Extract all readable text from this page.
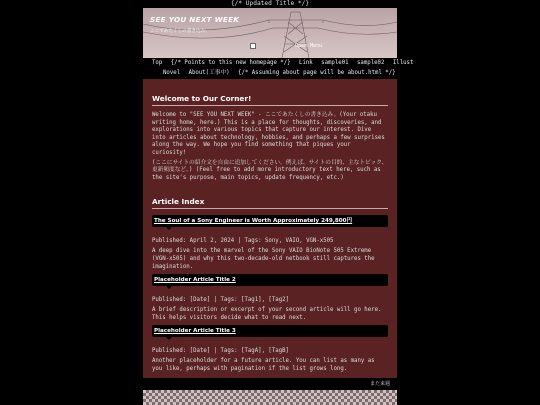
{/* Updated Title */}
SEE YOU NEXT WEEK
ここであたくしの書き込み。
Open Menu
Top {/* Points to this new homepage */} Link sample01 sample02 Illust
Novel About(工事中) {/* Assuming about page will be about.html */}
Welcome to Our Corner!

Welcome to "SEE YOU NEXT WEEK" - ここであたくしの書き込み。(Your otaku writing home, here.) This is a place for thoughts, discoveries, and explorations into various topics that capture our interest. Dive into articles about technology, hobbies, and perhaps a few surprises along the way. We hope you find something that piques your curiosity!

(ここにサイトの紹介文を自由に追加してください。例えば、サイトの目的、主なトピック、更新頻度など。) (Feel free to add more introductory text here, such as the site's purpose, main topics, update frequency, etc.)

Article Index
The Soul of a Sony Engineer is Worth Approximately 249,800円
Published: April 2, 2024 | Tags: Sony, VAIO, VGN-x505
A deep dive into the marvel of the Sony VAIO BioNote 505 Extreme (VGN-x505) and why this two-decade-old netbook still captures the imagination.
Placeholder Article Title 2
Published: [Date] | Tags: [Tag1], [Tag2]
A brief description or excerpt of your second article will go here. This helps visitors decide what to read next.
Placeholder Article Title 3
Published: [Date] | Tags: [TagA], [TagB]
Another placeholder for a future article. You can list as many as you like, perhaps with pagination if the list grows long.
また来週
